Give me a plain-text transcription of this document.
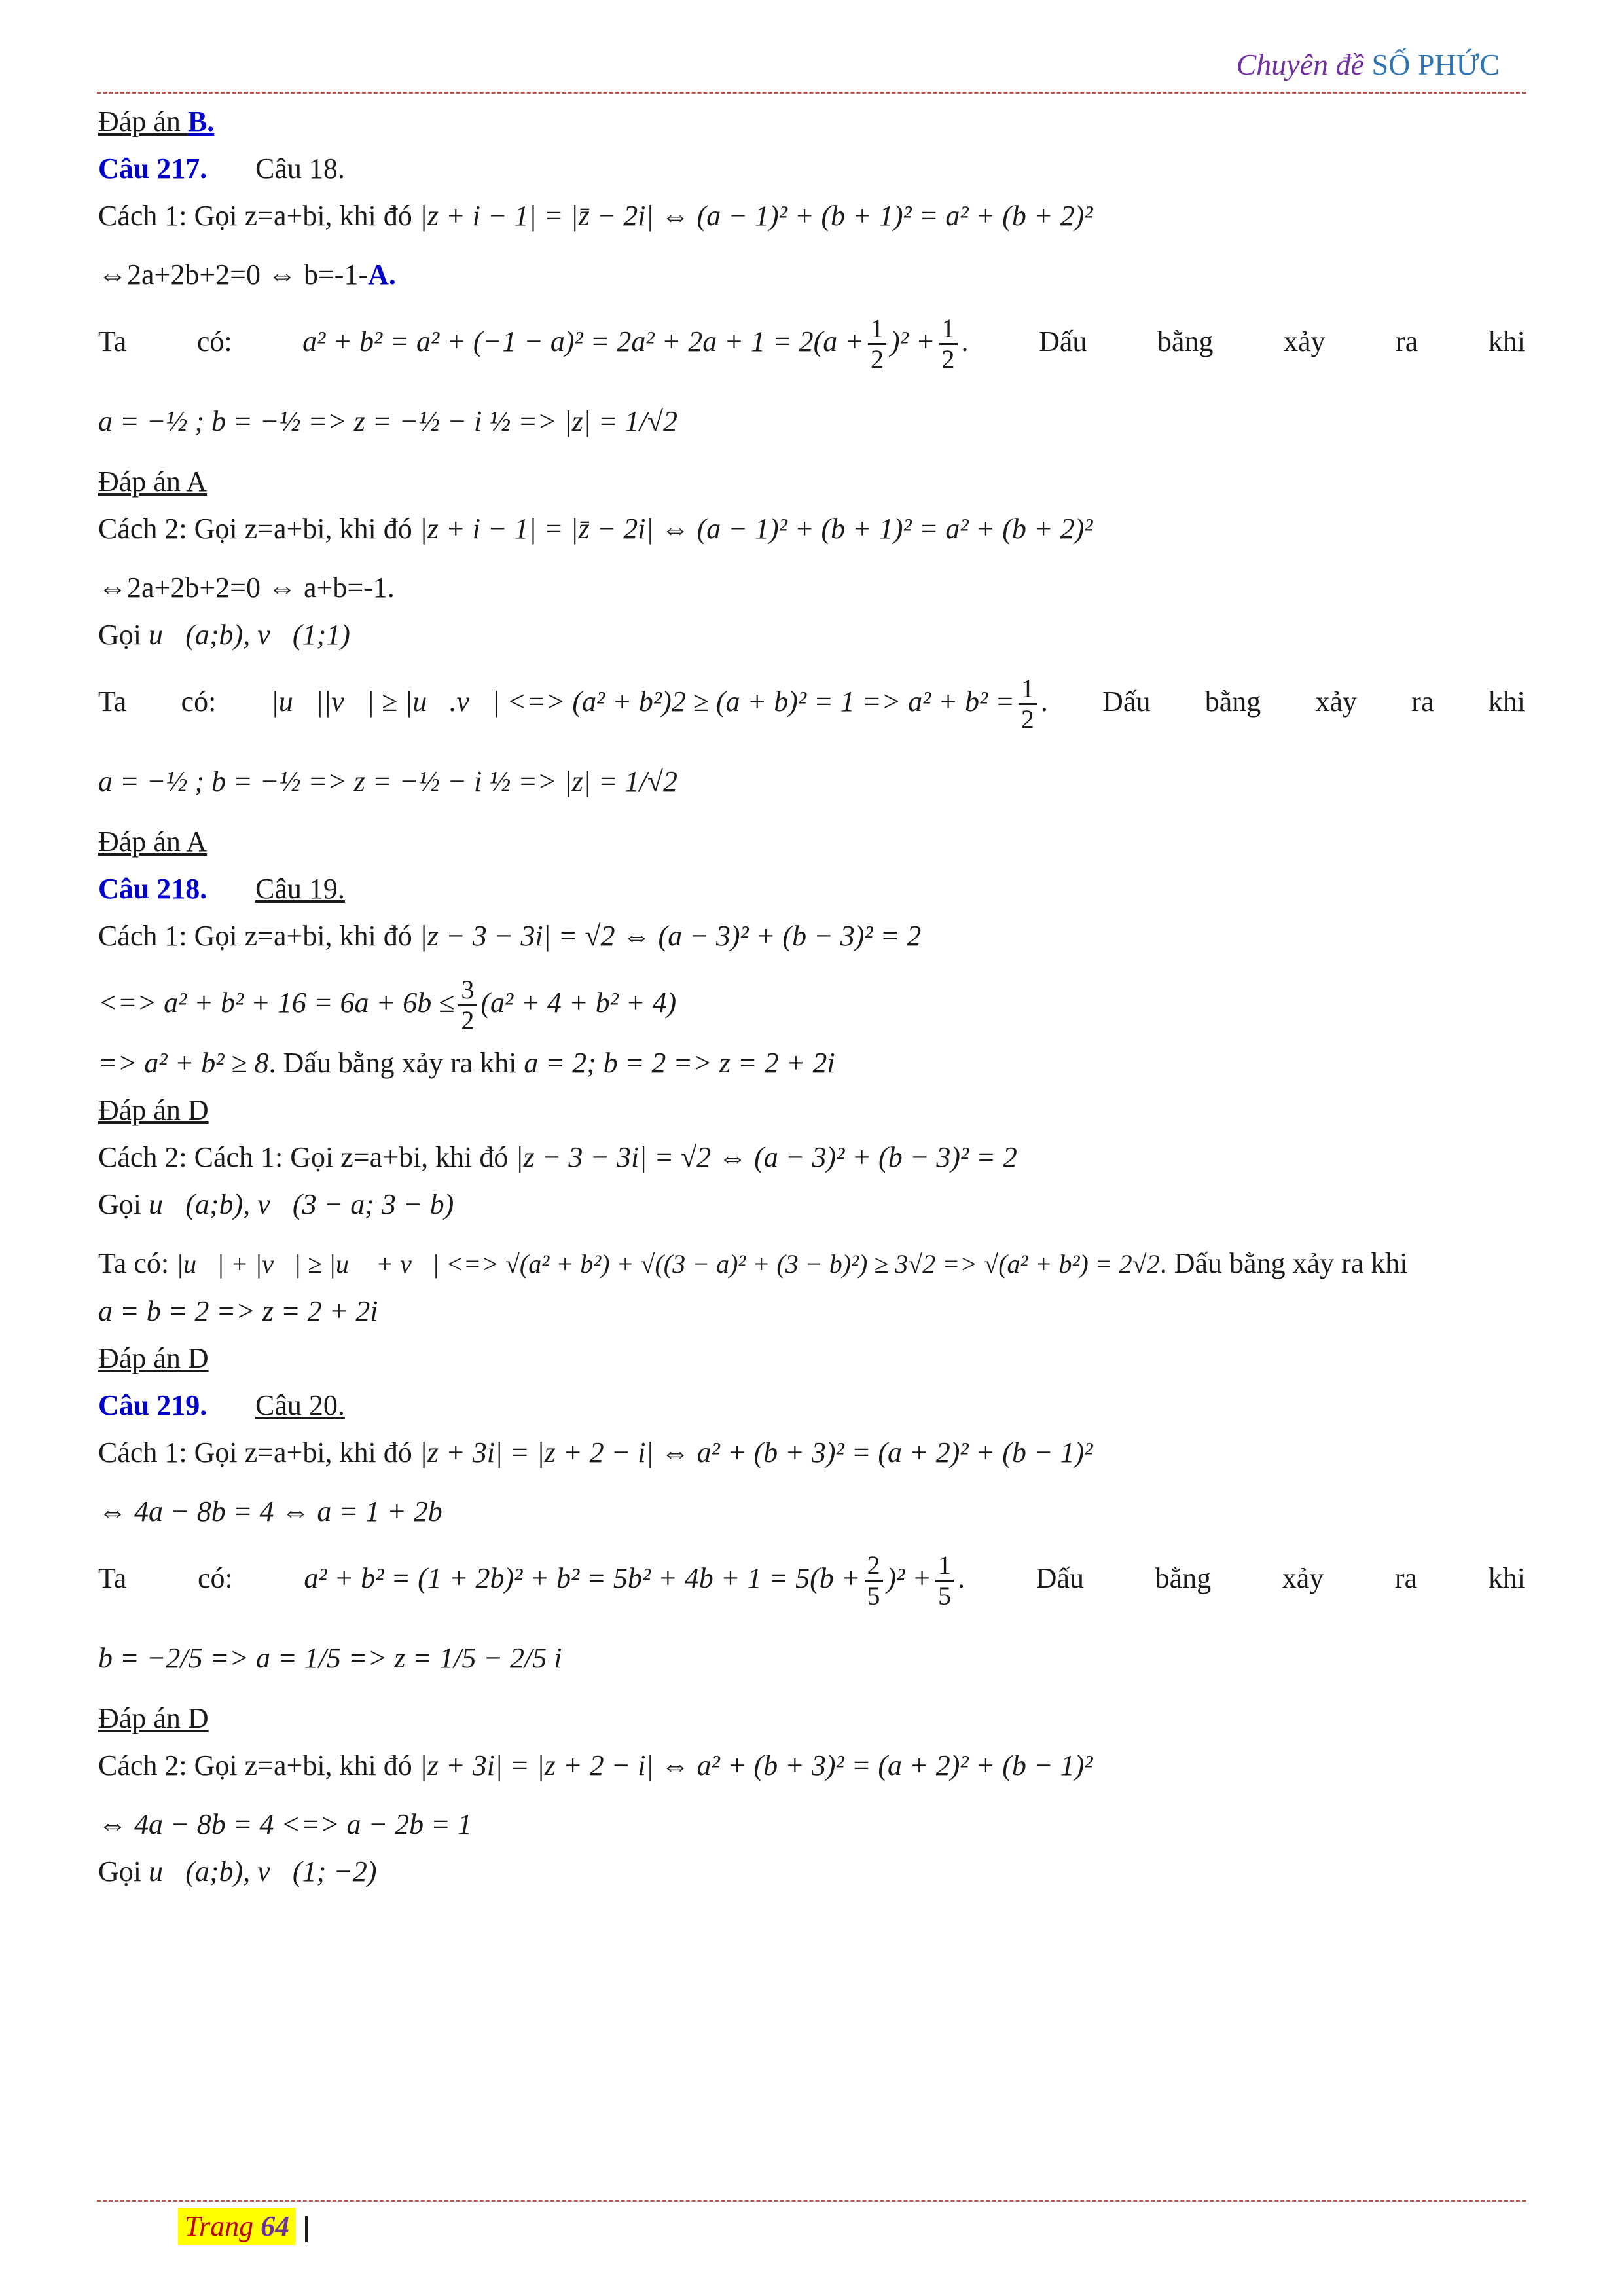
Chuyên đề SỐ PHỨC
Đáp án B.
Câu 217. Câu 18.
Cách 1: Gọi z=a+bi, khi đó |z + i − 1| = |z̄ − 2i| ⇔ (a − 1)² + (b + 1)² = a² + (b + 2)²
⇔2a+2b+2=0 ⇔ b=-1-A.
Ta có: $a^2 + b^2 = a^2 + (-1 - a)^2 = 2a^2 + 2a + 1 = 2(a + \frac{1}{2} )^2 + \frac{1}{2}$ . Dấu bằng xảy ra khi
a = −½ ; b = −½ => z = −½ − i ½ => |z| = 1/√2
Đáp án A
Cách 2: Gọi z=a+bi, khi đó |z + i − 1| = |z̄ − 2i| ⇔ (a − 1)² + (b + 1)² = a² + (b + 2)²
⇔2a+2b+2=0 ⇔ a+b=-1.
Gọi u⃗(a;b), v⃗(1;1)
Ta có: |u⃗||v⃗| ≥ |u⃗.v⃗| <=> $(a^2 + b^2)2 \ge (a + b)^2 = 1 => a^2 + b^2 = \frac{1}{2}$ . Dấu bằng xảy ra khi
a = −½ ; b = −½ => z = −½ − i ½ => |z| = 1/√2
Đáp án A
Câu 218. Câu 19.
Cách 1: Gọi z=a+bi, khi đó |z − 3 − 3i| = √2 ⇔ (a − 3)² + (b − 3)² = 2
<=> $a^2 + b^2 + 16 = 6a + 6b \le \frac{3}{2} (a^2 + 4 + b^2 + 4)$
=> a² + b² ≥ 8. Dấu bằng xảy ra khi a = 2; b = 2 => z = 2 + 2i
Đáp án D
Cách 2: Cách 1: Gọi z=a+bi, khi đó |z − 3 − 3i| = √2 ⇔ (a − 3)² + (b − 3)² = 2
Gọi u⃗(a;b), v⃗(3 − a; 3 − b)
Ta có: |u⃗| + |v⃗| ≥ |u⃗ + v⃗| <=> √(a² + b²) + √((3 − a)² + (3 − b)²) ≥ 3√2 => √(a² + b²) = 2√2. Dấu bằng xảy ra khi
a = b = 2 => z = 2 + 2i
Đáp án D
Câu 219. Câu 20.
Cách 1: Gọi z=a+bi, khi đó |z + 3i| = |z + 2 − i| ⇔ a² + (b + 3)² = (a + 2)² + (b − 1)²
⇔ 4a − 8b = 4 ⇔ a = 1 + 2b
Ta có: $a^2 + b^2 = (1 + 2b)^2 + b^2 = 5b^2 + 4b + 1 = 5(b + \frac{2}{5} )^2 + \frac{1}{5}$ . Dấu bằng xảy ra khi
b = −2/5 => a = 1/5 => z = 1/5 − 2/5 i
Đáp án D
Cách 2: Gọi z=a+bi, khi đó |z + 3i| = |z + 2 − i| ⇔ a² + (b + 3)² = (a + 2)² + (b − 1)²
⇔ 4a − 8b = 4 <=> a − 2b = 1
Gọi u⃗(a;b), v⃗(1; −2)
Trang 64
